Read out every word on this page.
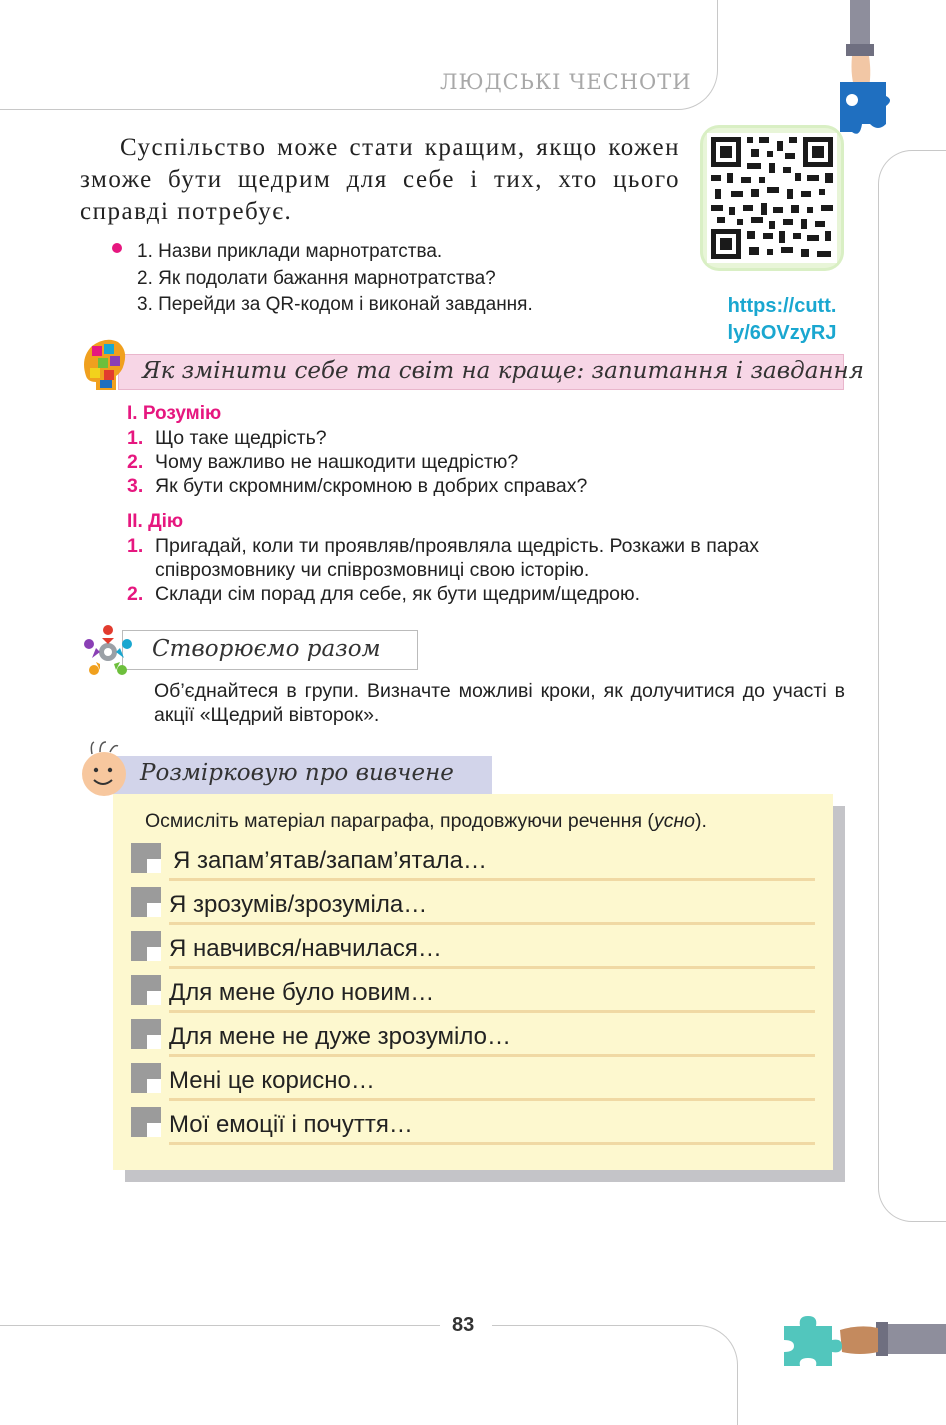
ЛЮДСЬКІ ЧЕСНОТИ
Суспільство може стати кращим, якщо кожен зможе бути щедрим для себе і тих, хто цього справді потребує.
https://cutt.
ly/6OVzyRJ
1. Назви приклади марнотратства.
2. Як подолати бажання марнотратства?
3. Перейди за QR-кодом і виконай завдання.
Як змінити себе та світ на краще: запитання і завдання
І. Розумію
1. Що таке щедрість?
2. Чому важливо не нашкодити щедрістю?
3. Як бути скромним/скромною в добрих справах?
ІІ. Дію
1. Пригадай, коли ти проявляв/проявляла щедрість. Розкажи в парах співрозмовнику чи співрозмовниці свою історію.
2. Склади сім порад для себе, як бути щедрим/щедрою.
Створюємо разом
Об’єднайтеся в групи. Визначте можливі кроки, як долучитися до участі в акції «Щедрий вівторок».
Розмірковую про вивчене
Осмисліть матеріал параграфа, продовжуючи речення (усно).
Я запам’ятав/запам’ятала…
Я зрозумів/зрозуміла…
Я навчився/навчилася…
Для мене було новим…
Для мене не дуже зрозуміло…
Мені це корисно…
Мої емоції і почуття…
83
